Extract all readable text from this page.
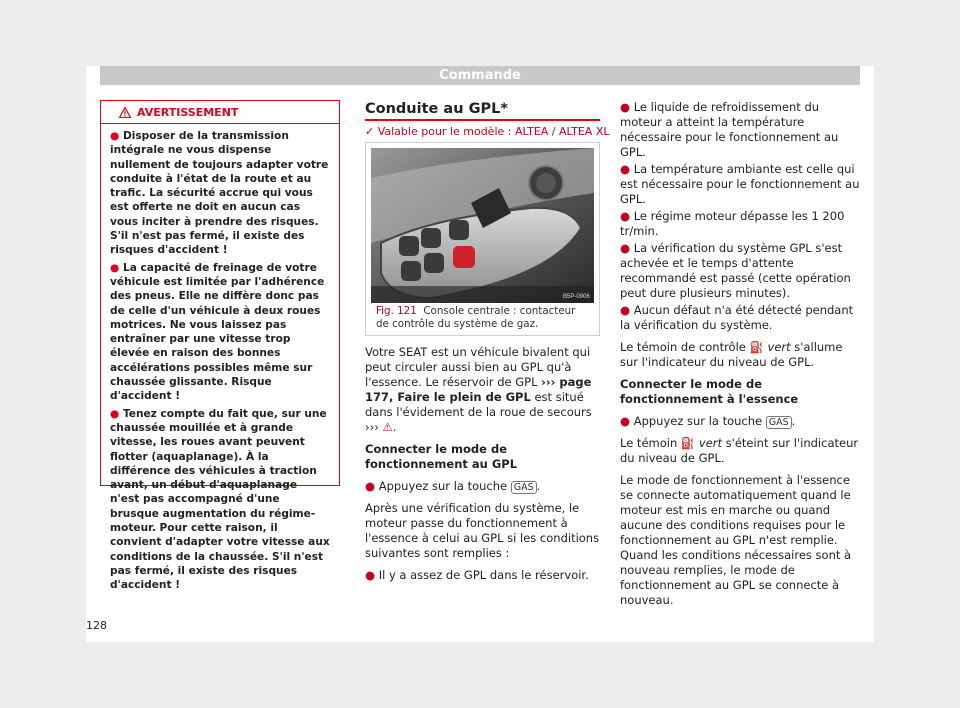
Commande
AVERTISSEMENT
● Disposer de la transmission intégrale ne vous dispense nullement de toujours adapter votre conduite à l'état de la route et au trafic. La sécurité accrue qui vous est offerte ne doit en aucun cas vous inciter à prendre des risques. S'il n'est pas fermé, il existe des risques d'accident !
● La capacité de freinage de votre véhicule est limitée par l'adhérence des pneus. Elle ne diffère donc pas de celle d'un véhicule à deux roues motrices. Ne vous laissez pas entraîner par une vitesse trop élevée en raison des bonnes accélérations possibles même sur chaussée glissante. Risque d'accident !
● Tenez compte du fait que, sur une chaussée mouillée et à grande vitesse, les roues avant peuvent flotter (aquaplanage). À la différence des véhicules à traction avant, un début d'aquaplanage n'est pas accompagné d'une brusque augmentation du régime-moteur. Pour cette raison, il convient d'adapter votre vitesse aux conditions de la chaussée. S'il n'est pas fermé, il existe des risques d'accident !
Conduite au GPL*
✓ Valable pour le modèle : ALTEA / ALTEA XL
B5P-0906
Fig. 121 Console centrale : contacteur de contrôle du système de gaz.

Votre SEAT est un véhicule bivalent qui peut circuler aussi bien au GPL qu'à l'essence. Le réservoir de GPL ››› page 177, Faire le plein de GPL est situé dans l'évidement de la roue de secours ››› ⚠.

Connecter le mode de fonctionnement au GPL

● Appuyez sur la touche GAS .

Après une vérification du système, le moteur passe du fonctionnement à l'essence à celui au GPL si les conditions suivantes sont remplies :

● Il y a assez de GPL dans le réservoir.

● Le liquide de refroidissement du moteur a atteint la température nécessaire pour le fonctionnement au GPL.

● La température ambiante est celle qui est nécessaire pour le fonctionnement au GPL.

● Le régime moteur dépasse les 1 200 tr/min.

● La vérification du système GPL s'est achevée et le temps d'attente recommandé est passé (cette opération peut dure plusieurs minutes).

● Aucun défaut n'a été détecté pendant la vérification du système.

Le témoin de contrôle ⛽ vert s'allume sur l'indicateur du niveau de GPL.

Connecter le mode de fonctionnement à l'essence

● Appuyez sur la touche GAS .

Le témoin ⛽ vert s'éteint sur l'indicateur du niveau de GPL.

Le mode de fonctionnement à l'essence se connecte automatiquement quand le moteur est mis en marche ou quand aucune des conditions requises pour le fonctionnement au GPL n'est remplie. Quand les conditions nécessaires sont à nouveau remplies, le mode de fonctionnement au GPL se connecte à nouveau.

128
